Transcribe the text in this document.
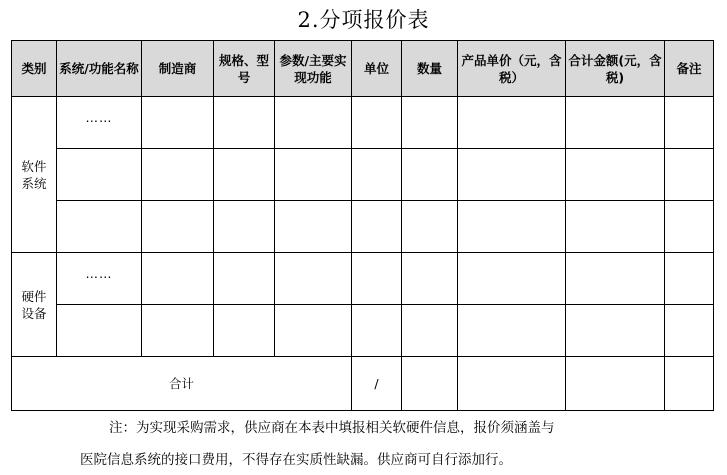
2.分项报价表
类别	系统/功能名称	制造商	规格、型号	参数/主要实现功能	单位	数量	产品单价（元，含税）	合计金额(元，含税)	备注
软件系统	……								

硬件设备	……								

合计					/				
注：为实现采购需求，供应商在本表中填报相关软硬件信息，报价须涵盖与
医院信息系统的接口费用，不得存在实质性缺漏。供应商可自行添加行。
